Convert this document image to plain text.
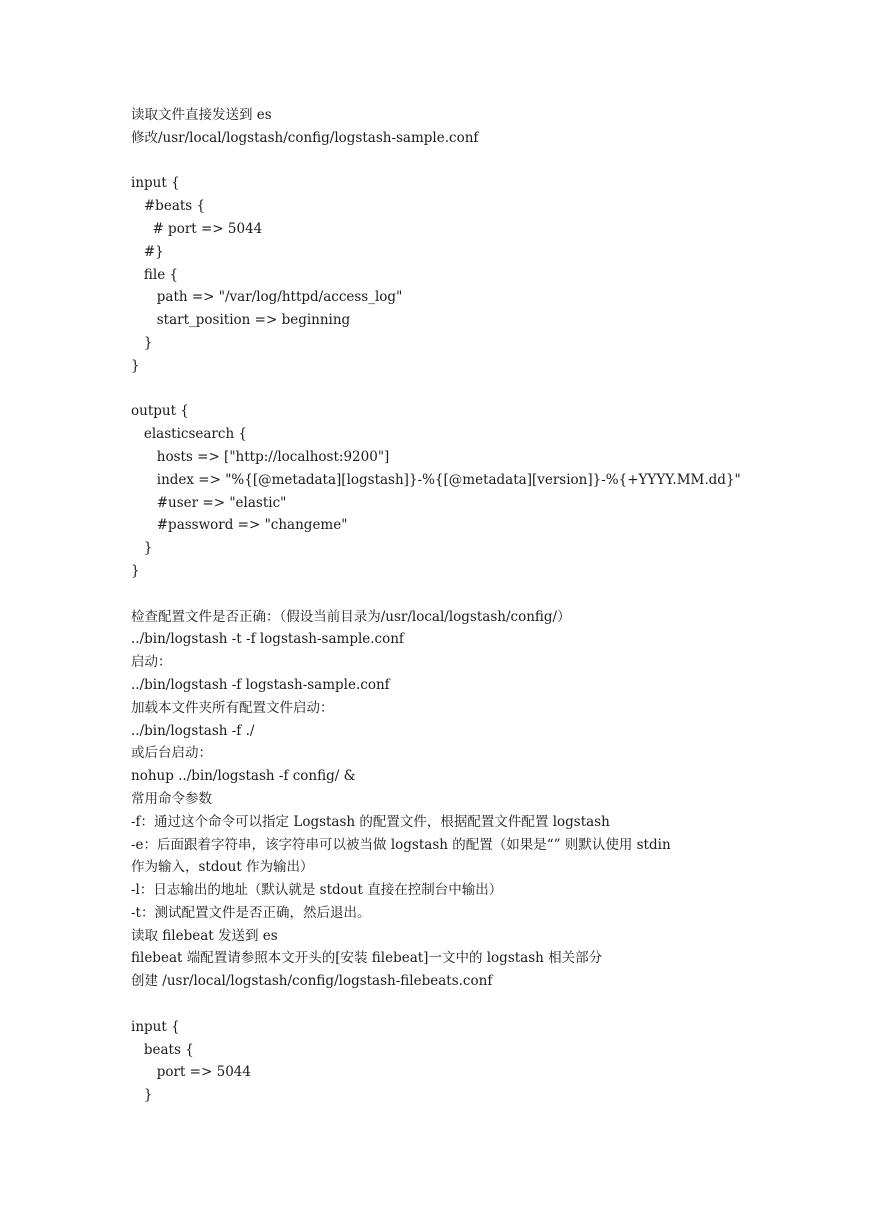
读取文件直接发送到 es
修改/usr/local/logstash/config/logstash-sample.conf
input {
#beats {
# port => 5044
#}
file {
path => "/var/log/httpd/access_log"
start_position => beginning
}
}
output {
elasticsearch {
hosts => ["http://localhost:9200"]
index => "%{[@metadata][logstash]}-%{[@metadata][version]}-%{+YYYY.MM.dd}"
#user => "elastic"
#password => "changeme"
}
}
检查配置文件是否正确：（假设当前目录为/usr/local/logstash/config/）
../bin/logstash -t -f logstash-sample.conf
启动：
../bin/logstash -f logstash-sample.conf
加载本文件夹所有配置文件启动：
../bin/logstash -f ./
或后台启动：
nohup ../bin/logstash -f config/ &
常用命令参数
-f：通过这个命令可以指定 Logstash 的配置文件，根据配置文件配置 logstash
-e：后面跟着字符串，该字符串可以被当做 logstash 的配置（如果是“” 则默认使用 stdin
作为输入，stdout 作为输出）
-l：日志输出的地址（默认就是 stdout 直接在控制台中输出）
-t：测试配置文件是否正确，然后退出。
读取 filebeat 发送到 es
filebeat 端配置请参照本文开头的[安装 filebeat]一文中的 logstash 相关部分
创建 /usr/local/logstash/config/logstash-filebeats.conf
input {
beats {
port => 5044
}
